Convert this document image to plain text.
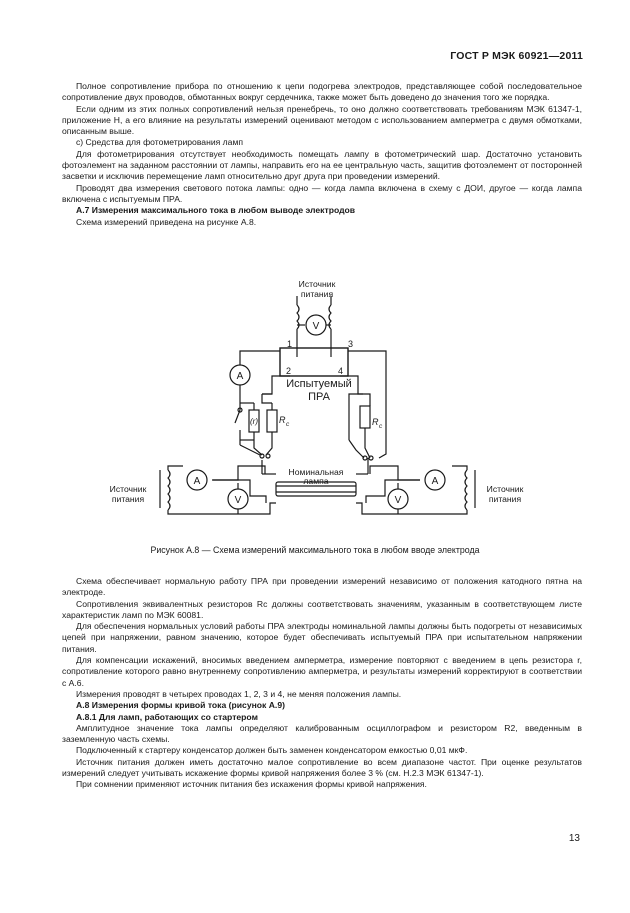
ГОСТ Р МЭК 60921—2011

Полное сопротивление прибора по отношению к цепи подогрева электродов, представляющее собой последовательное сопротивление двух проводов, обмотанных вокруг сердечника, также может быть доведено до значения того же порядка.

Если одним из этих полных сопротивлений нельзя пренебречь, то оно должно соответствовать требованиям МЭК 61347-1, приложение Н, а его влияние на результаты измерений оценивают методом с использованием амперметра с двумя обмотками, описанным выше.

с) Средства для фотометрирования ламп

Для фотометрирования отсутствует необходимость помещать лампу в фотометрический шар. Достаточно установить фотоэлемент на заданном расстоянии от лампы, направить его на ее центральную часть, защитив фотоэлемент от посторонней засветки и исключив перемещение ламп относительно друг друга при проведении измерений.

Проводят два измерения светового потока лампы: одно — когда лампа включена в схему с ДОИ, другое — когда лампа включена с испытуемым ПРА.

А.7 Измерения максимального тока в любом выводе электродов

Схема измерений приведена на рисунке А.8.

Источник
питания
V
A
A
V
A
V
1	3
2	4
Испытуемый
ПРА
(r) R с	R с
Номинальная
лампа
Источник
питания
Источник
питания
Рисунок А.8 — Схема измерений максимального тока в любом вводе электрода

Схема обеспечивает нормальную работу ПРА при проведении измерений независимо от положения катодного пятна на электроде.

Сопротивления эквивалентных резисторов Rс должны соответствовать значениям, указанным в соответствующем листе характеристик ламп по МЭК 60081.

Для обеспечения нормальных условий работы ПРА электроды номинальной лампы должны быть подогреты от независимых цепей при напряжении, равном значению, которое будет обеспечивать испытуемый ПРА при испытательном напряжении питания.

Для компенсации искажений, вносимых введением амперметра, измерение повторяют с введением в цепь резистора r, сопротивление которого равно внутреннему сопротивлению амперметра, и результаты измерений корректируют в соответствии с А.6.

Измерения проводят в четырех проводах 1, 2, 3 и 4, не меняя положения лампы.

А.8 Измерения формы кривой тока (рисунок А.9)

А.8.1 Для ламп, работающих со стартером

Амплитудное значение тока лампы определяют калиброванным осциллографом и резистором R2, введенным в заземленную часть схемы.

Подключенный к стартеру конденсатор должен быть заменен конденсатором емкостью 0,01 мкФ.

Источник питания должен иметь достаточно малое сопротивление во всем диапазоне частот. При оценке результатов измерений следует учитывать искажение формы кривой напряжения более 3 % (см. Н.2.3 МЭК 61347-1).

При сомнении применяют источник питания без искажения формы кривой напряжения.

13
